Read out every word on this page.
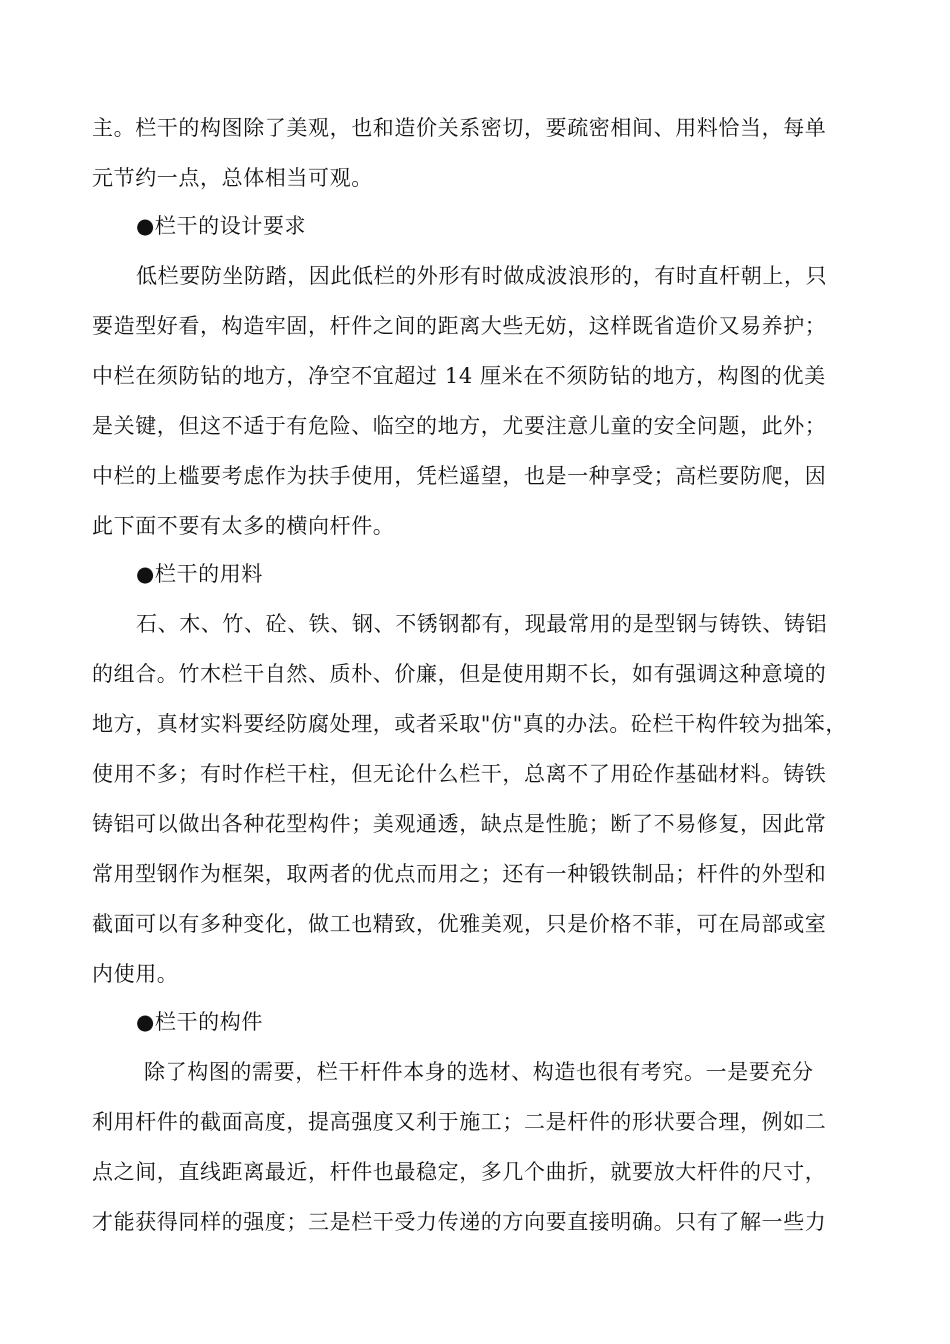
主。栏干的构图除了美观，也和造价关系密切，要疏密相间、用料恰当，每单
元节约一点，总体相当可观。
●栏干的设计要求
低栏要防坐防踏，因此低栏的外形有时做成波浪形的，有时直杆朝上，只
要造型好看，构造牢固，杆件之间的距离大些无妨，这样既省造价又易养护；
中栏在须防钻的地方，净空不宜超过 14 厘米在不须防钻的地方，构图的优美
是关键，但这不适于有危险、临空的地方，尤要注意儿童的安全问题，此外；
中栏的上槛要考虑作为扶手使用，凭栏遥望，也是一种享受；高栏要防爬，因
此下面不要有太多的横向杆件。
●栏干的用料
石、木、竹、砼、铁、钢、不锈钢都有，现最常用的是型钢与铸铁、铸铝
的组合。竹木栏干自然、质朴、价廉，但是使用期不长，如有强调这种意境的
地方，真材实料要经防腐处理，或者采取"仿"真的办法。砼栏干构件较为拙笨，
使用不多；有时作栏干柱，但无论什么栏干，总离不了用砼作基础材料。铸铁
铸铝可以做出各种花型构件；美观通透，缺点是性脆；断了不易修复，因此常
常用型钢作为框架，取两者的优点而用之；还有一种锻铁制品；杆件的外型和
截面可以有多种变化，做工也精致，优雅美观，只是价格不菲，可在局部或室
内使用。
●栏干的构件
除了构图的需要，栏干杆件本身的选材、构造也很有考究。一是要充分
利用杆件的截面高度，提高强度又利于施工；二是杆件的形状要合理，例如二
点之间，直线距离最近，杆件也最稳定，多几个曲折，就要放大杆件的尺寸，
才能获得同样的强度；三是栏干受力传递的方向要直接明确。只有了解一些力
